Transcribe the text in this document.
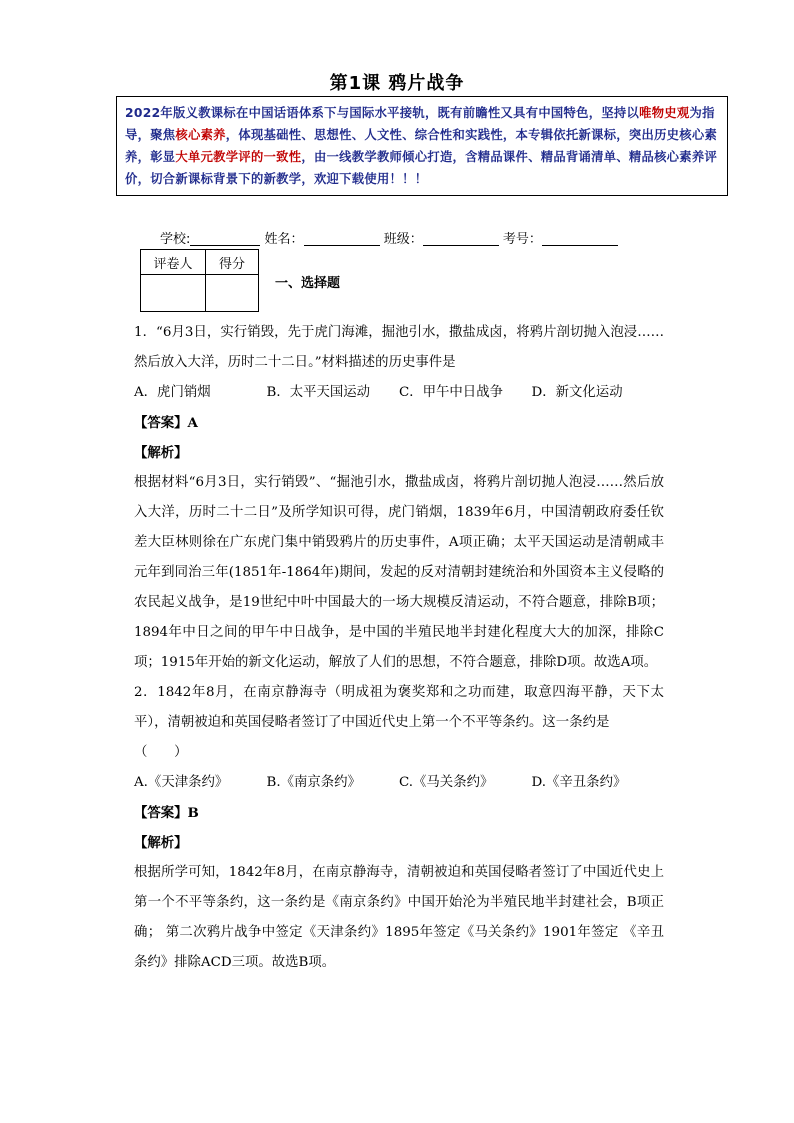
第1课 鸦片战争
2022年版义教课标在中国话语体系下与国际水平接轨，既有前瞻性又具有中国特色，坚持以唯物史观为指导，聚焦核心素养，体现基础性、思想性、人文性、综合性和实践性，本专辑依托新课标，突出历史核心素养，彰显大单元教学评的一致性，由一线教学教师倾心打造，含精品课件、精品背诵清单、精品核心素养评价，切合新课标背景下的新教学，欢迎下载使用！！！
学校:	姓名：	班级：	考号：
评卷人	得分

一、选择题

1．“6月3日，实行销毁，先于虎门海滩，掘池引水，撒盐成卤，将鸦片剖切抛入泡浸……然后放入大洋，历时二十二日。”材料描述的历史事件是

A．虎门销烟	B．太平天国运动	C．甲午中日战争	D．新文化运动

【答案】A

【解析】

根据材料“6月3日，实行销毁”、“掘池引水，撒盐成卤，将鸦片剖切抛人泡浸……然后放入大洋，历时二十二日”及所学知识可得，虎门销烟，1839年6月，中国清朝政府委任钦差大臣林则徐在广东虎门集中销毁鸦片的历史事件，A项正确；太平天国运动是清朝咸丰元年到同治三年(1851年-1864年)期间，发起的反对清朝封建统治和外国资本主义侵略的农民起义战争，是19世纪中叶中国最大的一场大规模反清运动，不符合题意，排除B项；1894年中日之间的甲午中日战争，是中国的半殖民地半封建化程度大大的加深，排除C项；1915年开始的新文化运动，解放了人们的思想，不符合题意，排除D项。故选A项。

2．1842年8月，在南京静海寺（明成祖为褒奖郑和之功而建，取意四海平静，天下太平），清朝被迫和英国侵略者签订了中国近代史上第一个不平等条约。这一条约是

（　　）

A.《天津条约》	B.《南京条约》	C.《马关条约》	D.《辛丑条约》

【答案】B

【解析】

根据所学可知，1842年8月，在南京静海寺，清朝被迫和英国侵略者签订了中国近代史上第一个不平等条约，这一条约是《南京条约》中国开始沦为半殖民地半封建社会，B项正确； 第二次鸦片战争中签定《天津条约》1895年签定《马关条约》1901年签定 《辛丑条约》排除ACD三项。故选B项。
